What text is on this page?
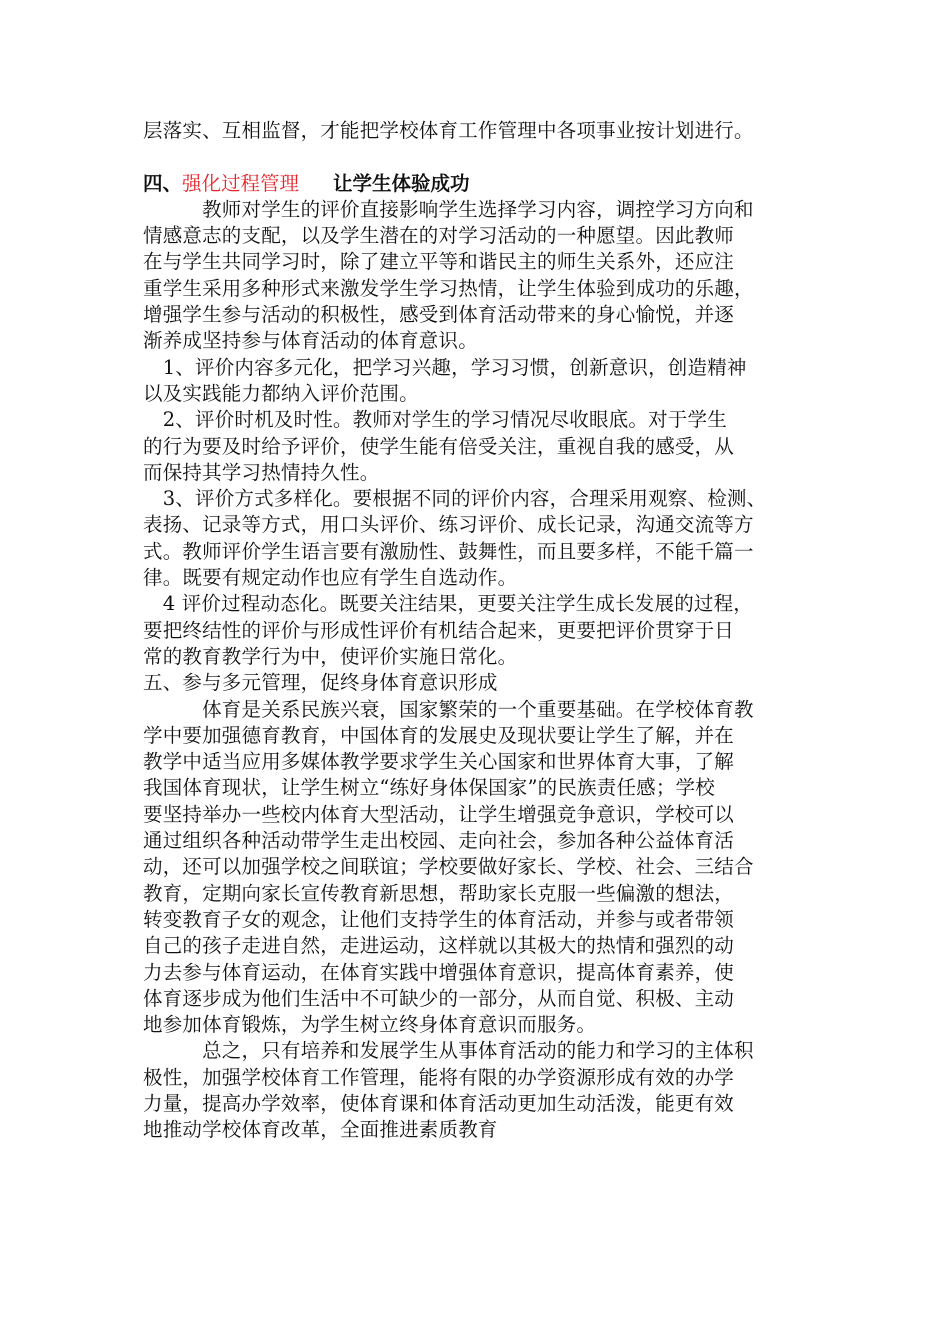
层落实、互相监督，才能把学校体育工作管理中各项事业按计划进行。
四、强化过程管理 让学生体验成功
　　　教师对学生的评价直接影响学生选择学习内容，调控学习方向和
情感意志的支配，以及学生潜在的对学习活动的一种愿望。因此教师
在与学生共同学习时，除了建立平等和谐民主的师生关系外，还应注
重学生采用多种形式来激发学生学习热情，让学生体验到成功的乐趣，
增强学生参与活动的积极性，感受到体育活动带来的身心愉悦，并逐
渐养成坚持参与体育活动的体育意识。
　1、评价内容多元化，把学习兴趣，学习习惯，创新意识，创造精神
以及实践能力都纳入评价范围。
　2、评价时机及时性。教师对学生的学习情况尽收眼底。对于学生
的行为要及时给予评价，使学生能有倍受关注，重视自我的感受，从
而保持其学习热情持久性。
　3、评价方式多样化。要根据不同的评价内容，合理采用观察、检测、
表扬、记录等方式，用口头评价、练习评价、成长记录，沟通交流等方
式。教师评价学生语言要有激励性、鼓舞性，而且要多样，不能千篇一
律。既要有规定动作也应有学生自选动作。
　4 评价过程动态化。既要关注结果，更要关注学生成长发展的过程，
要把终结性的评价与形成性评价有机结合起来，更要把评价贯穿于日
常的教育教学行为中，使评价实施日常化。
五、参与多元管理，促终身体育意识形成
　　　体育是关系民族兴衰，国家繁荣的一个重要基础。在学校体育教
学中要加强德育教育，中国体育的发展史及现状要让学生了解，并在
教学中适当应用多媒体教学要求学生关心国家和世界体育大事，了解
我国体育现状，让学生树立“练好身体保国家”的民族责任感；学校
要坚持举办一些校内体育大型活动，让学生增强竞争意识，学校可以
通过组织各种活动带学生走出校园、走向社会，参加各种公益体育活
动，还可以加强学校之间联谊；学校要做好家长、学校、社会、三结合
教育，定期向家长宣传教育新思想，帮助家长克服一些偏激的想法，
转变教育子女的观念，让他们支持学生的体育活动，并参与或者带领
自己的孩子走进自然，走进运动，这样就以其极大的热情和强烈的动
力去参与体育运动，在体育实践中增强体育意识，提高体育素养，使
体育逐步成为他们生活中不可缺少的一部分，从而自觉、积极、主动
地参加体育锻炼，为学生树立终身体育意识而服务。
　　　总之，只有培养和发展学生从事体育活动的能力和学习的主体积
极性，加强学校体育工作管理，能将有限的办学资源形成有效的办学
力量，提高办学效率，使体育课和体育活动更加生动活泼，能更有效
地推动学校体育改革，全面推进素质教育
